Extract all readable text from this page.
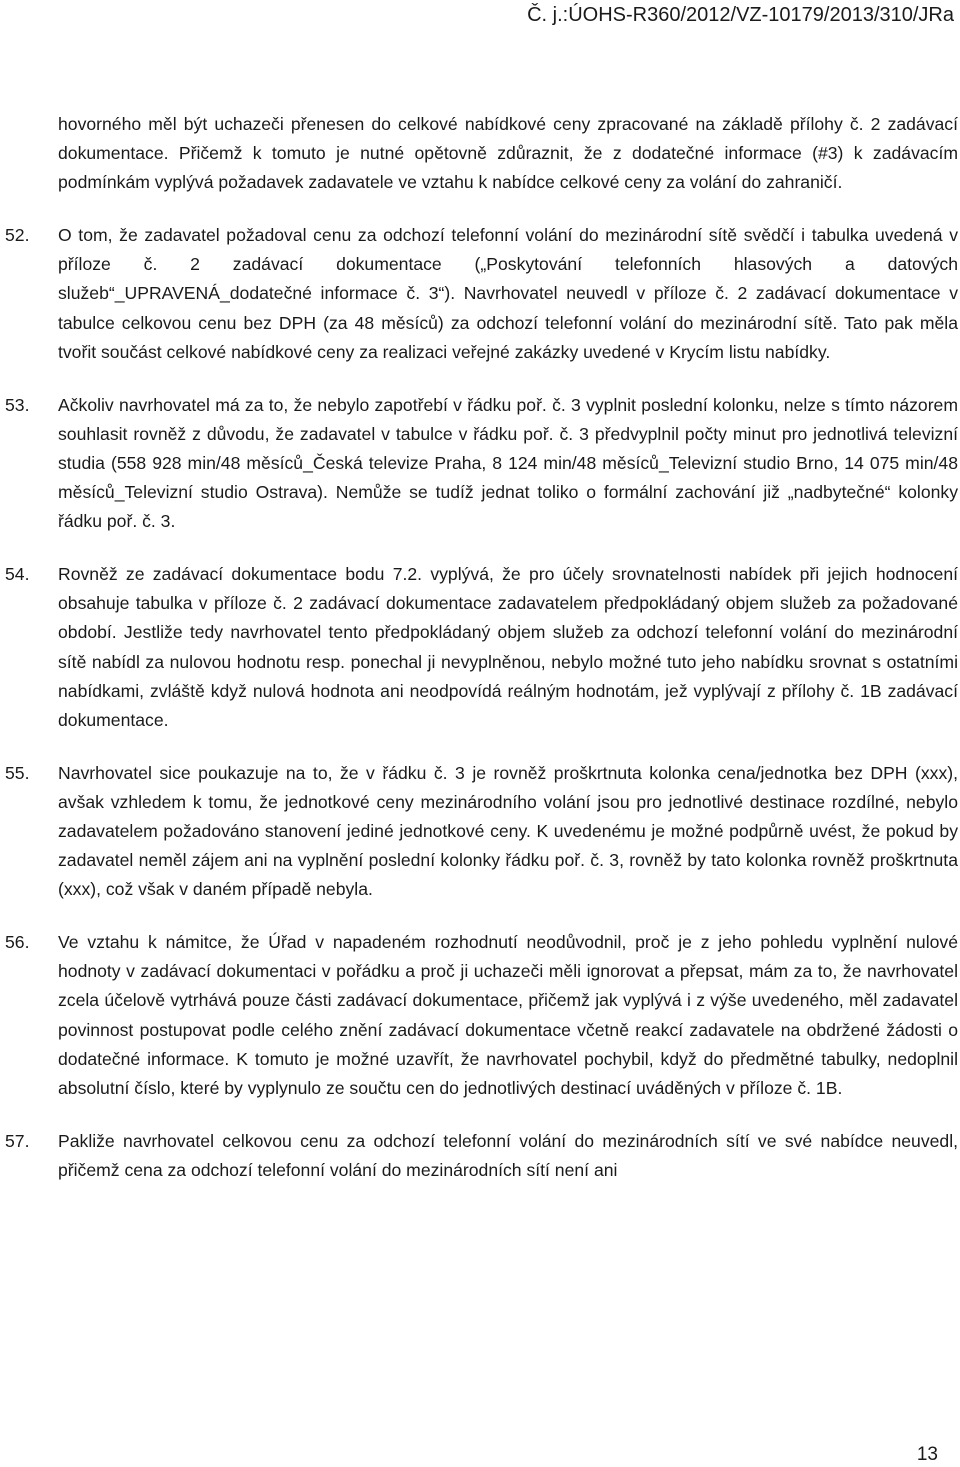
Č. j.:ÚOHS-R360/2012/VZ-10179/2013/310/JRa

hovorného měl být uchazeči přenesen do celkové nabídkové ceny zpracované na základě přílohy č. 2 zadávací dokumentace. Přičemž k tomuto je nutné opětovně zdůraznit, že z dodatečné informace (#3) k zadávacím podmínkám vyplývá požadavek zadavatele ve vztahu k nabídce celkové ceny za volání do zahraničí.

52.	O tom, že zadavatel požadoval cenu za odchozí telefonní volání do mezinárodní sítě svědčí i tabulka uvedená v příloze č. 2 zadávací dokumentace („Poskytování telefonních hlasových a datových služeb“_UPRAVENÁ_dodatečné informace č. 3“). Navrhovatel neuvedl v příloze č. 2 zadávací dokumentace v tabulce celkovou cenu bez DPH (za 48 měsíců) za odchozí telefonní volání do mezinárodní sítě. Tato pak měla tvořit součást celkové nabídkové ceny za realizaci veřejné zakázky uvedené v Krycím listu nabídky.

53.	Ačkoliv navrhovatel má za to, že nebylo zapotřebí v řádku poř. č. 3 vyplnit poslední kolonku, nelze s tímto názorem souhlasit rovněž z důvodu, že zadavatel v tabulce v řádku poř. č. 3 předvyplnil počty minut pro jednotlivá televizní studia (558 928 min/48 měsíců_Česká televize Praha, 8 124 min/48 měsíců_Televizní studio Brno, 14 075 min/48 měsíců_Televizní studio Ostrava). Nemůže se tudíž jednat toliko o formální zachování již „nadbytečné“ kolonky řádku poř. č. 3.

54.	Rovněž ze zadávací dokumentace bodu 7.2. vyplývá, že pro účely srovnatelnosti nabídek při jejich hodnocení obsahuje tabulka v příloze č. 2 zadávací dokumentace zadavatelem předpokládaný objem služeb za požadované období. Jestliže tedy navrhovatel tento předpokládaný objem služeb za odchozí telefonní volání do mezinárodní sítě nabídl za nulovou hodnotu resp. ponechal ji nevyplněnou, nebylo možné tuto jeho nabídku srovnat s ostatními nabídkami, zvláště když nulová hodnota ani neodpovídá reálným hodnotám, jež vyplývají z přílohy č. 1B zadávací dokumentace.

55.	Navrhovatel sice poukazuje na to, že v řádku č. 3 je rovněž proškrtnuta kolonka cena/jednotka bez DPH (xxx), avšak vzhledem k tomu, že jednotkové ceny mezinárodního volání jsou pro jednotlivé destinace rozdílné, nebylo zadavatelem požadováno stanovení jediné jednotkové ceny. K uvedenému je možné podpůrně uvést, že pokud by zadavatel neměl zájem ani na vyplnění poslední kolonky řádku poř. č. 3, rovněž by tato kolonka rovněž proškrtnuta (xxx), což však v daném případě nebyla.

56.	Ve vztahu k námitce, že Úřad v napadeném rozhodnutí neodůvodnil, proč je z jeho pohledu vyplnění nulové hodnoty v zadávací dokumentaci v pořádku a proč ji uchazeči měli ignorovat a přepsat, mám za to, že navrhovatel zcela účelově vytrhává pouze části zadávací dokumentace, přičemž jak vyplývá i z výše uvedeného, měl zadavatel povinnost postupovat podle celého znění zadávací dokumentace včetně reakcí zadavatele na obdržené žádosti o dodatečné informace. K tomuto je možné uzavřít, že navrhovatel pochybil, když do předmětné tabulky, nedoplnil absolutní číslo, které by vyplynulo ze součtu cen do jednotlivých destinací uváděných v příloze č. 1B.

57.	Pakliže navrhovatel celkovou cenu za odchozí telefonní volání do mezinárodních sítí ve své nabídce neuvedl, přičemž cena za odchozí telefonní volání do mezinárodních sítí není ani

13
